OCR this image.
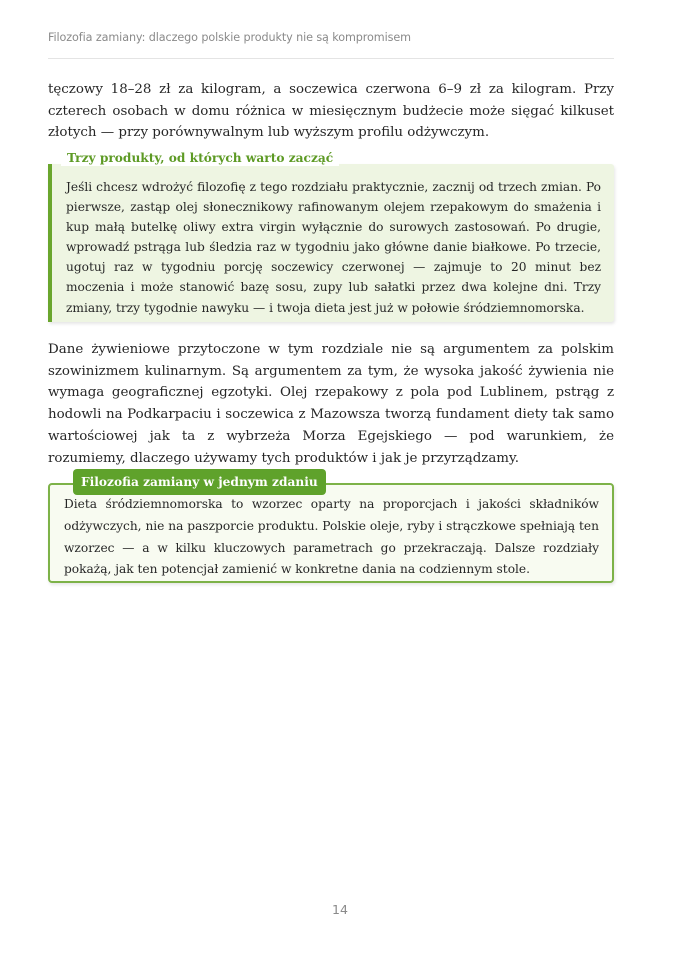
Filozofia zamiany: dlaczego polskie produkty nie są kompromisem

tęczowy 18–28 zł za kilogram, a soczewica czerwona 6–9 zł za kilogram. Przy czterech osobach w domu różnica w miesięcznym budżecie może sięgać kilkuset złotych — przy porównywalnym lub wyższym profilu odżywczym.

Trzy produkty, od których warto zacząć

Jeśli chcesz wdrożyć filozofię z tego rozdziału praktycznie, zacznij od trzech zmian. Po pierwsze, zastąp olej słonecznikowy rafinowanym olejem rzepakowym do smażenia i kup małą butelkę oliwy extra virgin wyłącznie do surowych zastosowań. Po drugie, wprowadź pstrąga lub śledzia raz w tygodniu jako główne danie białkowe. Po trzecie, ugotuj raz w tygodniu porcję soczewicy czerwonej — zajmuje to 20 minut bez moczenia i może stanowić bazę sosu, zupy lub sałatki przez dwa kolejne dni. Trzy zmiany, trzy tygodnie nawyku — i twoja dieta jest już w połowie śródziemnomorska.

Dane żywieniowe przytoczone w tym rozdziale nie są argumentem za polskim szowinizmem kulinarnym. Są argumentem za tym, że wysoka jakość żywienia nie wymaga geograficznej egzotyki. Olej rzepakowy z pola pod Lublinem, pstrąg z hodowli na Podkarpaciu i soczewica z Mazowsza tworzą fundament diety tak samo wartościowej jak ta z wybrzeża Morza Egejskiego — pod warunkiem, że rozumiemy, dlaczego używamy tych produktów i jak je przyrządzamy.

Filozofia zamiany w jednym zdaniu

Dieta śródziemnomorska to wzorzec oparty na proporcjach i jakości składników odżywczych, nie na paszporcie produktu. Polskie oleje, ryby i strączkowe spełniają ten wzorzec — a w kilku kluczowych parametrach go przekraczają. Dalsze rozdziały pokażą, jak ten potencjał zamienić w konkretne dania na codziennym stole.

14
